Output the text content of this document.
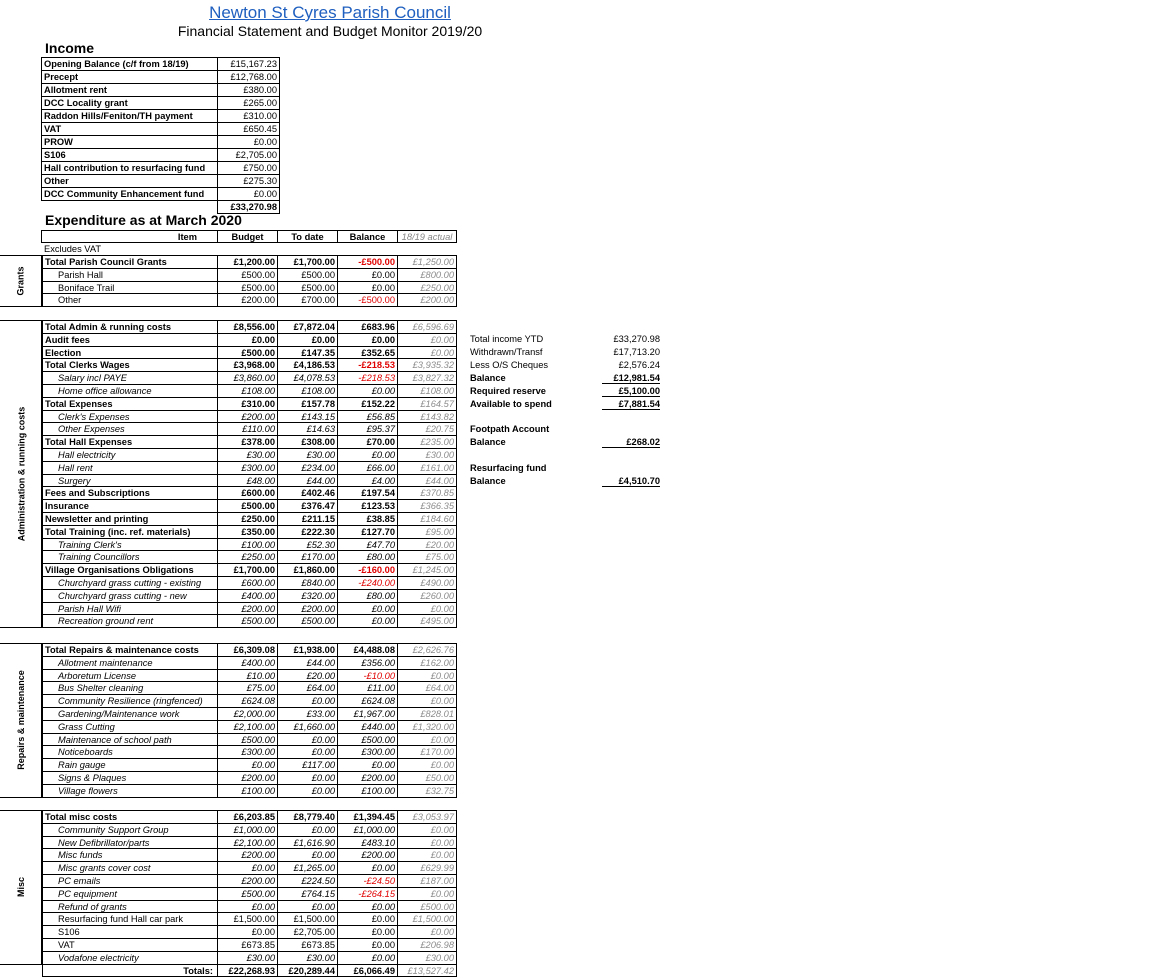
Newton St Cyres Parish Council
Financial Statement and Budget Monitor 2019/20
Income
Opening Balance (c/f from 18/19)	£15,167.23
Precept	£12,768.00
Allotment rent	£380.00
DCC Locality grant	£265.00
Raddon Hills/Feniton/TH payment	£310.00
VAT	£650.45
PROW	£0.00
S106	£2,705.00
Hall contribution to resurfacing fund	£750.00
Other	£275.30
DCC Community Enhancement fund	£0.00
	£33,270.98
Expenditure as at March 2020
Item	Budget	To date	Balance	18/19 actual
Excludes VAT
Grants
Total Parish Council Grants	£1,200.00	£1,700.00	-£500.00	£1,250.00
Parish Hall	£500.00	£500.00	£0.00	£800.00
Boniface Trail	£500.00	£500.00	£0.00	£250.00
Other	£200.00	£700.00	-£500.00	£200.00
Administration & running costs
Total Admin & running costs	£8,556.00	£7,872.04	£683.96	£6,596.69
Audit fees	£0.00	£0.00	£0.00	£0.00
Election	£500.00	£147.35	£352.65	£0.00
Total Clerks Wages	£3,968.00	£4,186.53	-£218.53	£3,935.32
Salary incl PAYE	£3,860.00	£4,078.53	-£218.53	£3,827.32
Home office allowance	£108.00	£108.00	£0.00	£108.00
Total Expenses	£310.00	£157.78	£152.22	£164.57
Clerk's Expenses	£200.00	£143.15	£56.85	£143.82
Other Expenses	£110.00	£14.63	£95.37	£20.75
Total Hall Expenses	£378.00	£308.00	£70.00	£235.00
Hall electricity	£30.00	£30.00	£0.00	£30.00
Hall rent	£300.00	£234.00	£66.00	£161.00
Surgery	£48.00	£44.00	£4.00	£44.00
Fees and Subscriptions	£600.00	£402.46	£197.54	£370.85
Insurance	£500.00	£376.47	£123.53	£366.35
Newsletter and printing	£250.00	£211.15	£38.85	£184.60
Total Training (inc. ref. materials)	£350.00	£222.30	£127.70	£95.00
Training Clerk's	£100.00	£52.30	£47.70	£20.00
Training Councillors	£250.00	£170.00	£80.00	£75.00
Village Organisations Obligations	£1,700.00	£1,860.00	-£160.00	£1,245.00
Churchyard grass cutting - existing	£600.00	£840.00	-£240.00	£490.00
Churchyard grass cutting - new	£400.00	£320.00	£80.00	£260.00
Parish Hall Wifi	£200.00	£200.00	£0.00	£0.00
Recreation ground rent	£500.00	£500.00	£0.00	£495.00
Repairs & maintenance
Total Repairs & maintenance costs	£6,309.08	£1,938.00	£4,488.08	£2,626.76
Allotment maintenance	£400.00	£44.00	£356.00	£162.00
Arboretum License	£10.00	£20.00	-£10.00	£0.00
Bus Shelter cleaning	£75.00	£64.00	£11.00	£64.00
Community Resilience (ringfenced)	£624.08	£0.00	£624.08	£0.00
Gardening/Maintenance work	£2,000.00	£33.00	£1,967.00	£828.01
Grass Cutting	£2,100.00	£1,660.00	£440.00	£1,320.00
Maintenance of school path	£500.00	£0.00	£500.00	£0.00
Noticeboards	£300.00	£0.00	£300.00	£170.00
Rain gauge	£0.00	£117.00	£0.00	£0.00
Signs & Plaques	£200.00	£0.00	£200.00	£50.00
Village flowers	£100.00	£0.00	£100.00	£32.75
Misc
Total misc costs	£6,203.85	£8,779.40	£1,394.45	£3,053.97
Community Support Group	£1,000.00	£0.00	£1,000.00	£0.00
New Defibrillator/parts	£2,100.00	£1,616.90	£483.10	£0.00
Misc funds	£200.00	£0.00	£200.00	£0.00
Misc grants cover cost	£0.00	£1,265.00	£0.00	£629.99
PC emails	£200.00	£224.50	-£24.50	£187.00
PC equipment	£500.00	£764.15	-£264.15	£0.00
Refund of grants	£0.00	£0.00	£0.00	£500.00
Resurfacing fund Hall car park	£1,500.00	£1,500.00	£0.00	£1,500.00
S106	£0.00	£2,705.00	£0.00	£0.00
VAT	£673.85	£673.85	£0.00	£206.98
Vodafone electricity	£30.00	£30.00	£0.00	£30.00
Totals:	£22,268.93	£20,289.44	£6,066.49	£13,527.42
Total income YTD	£33,270.98
Withdrawn/Transf	£17,713.20
Less O/S Cheques	£2,576.24
Balance	£12,981.54
Required reserve	£5,100.00
Available to spend	£7,881.54
Footpath Account
Balance	£268.02
Resurfacing fund
Balance	£4,510.70
